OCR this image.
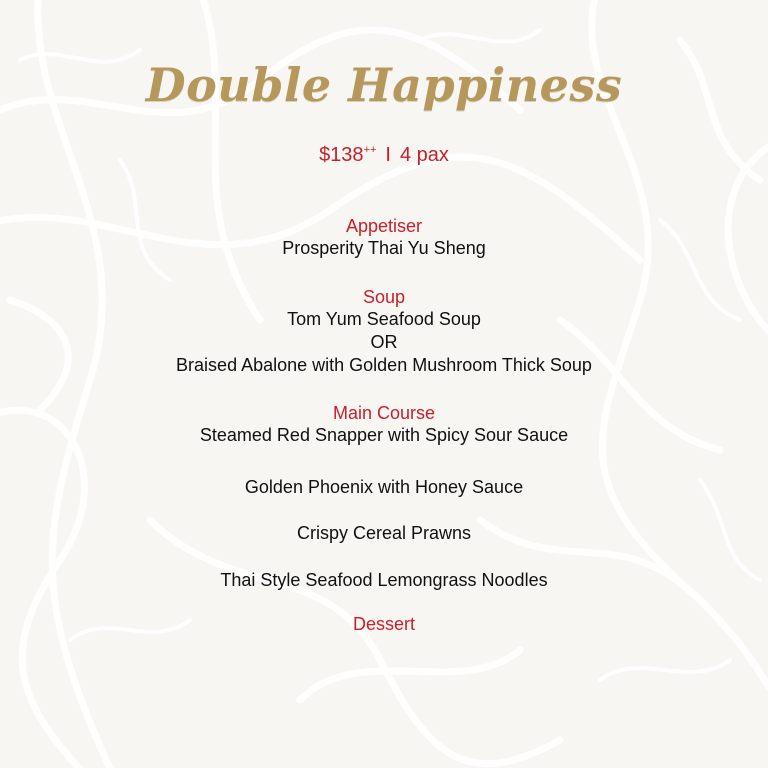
Double Happiness
$138++ I 4 pax
Appetiser
Prosperity Thai Yu Sheng
Soup
Tom Yum Seafood Soup
OR
Braised Abalone with Golden Mushroom Thick Soup
Main Course
Steamed Red Snapper with Spicy Sour Sauce
Golden Phoenix with Honey Sauce
Crispy Cereal Prawns
Thai Style Seafood Lemongrass Noodles
Dessert
